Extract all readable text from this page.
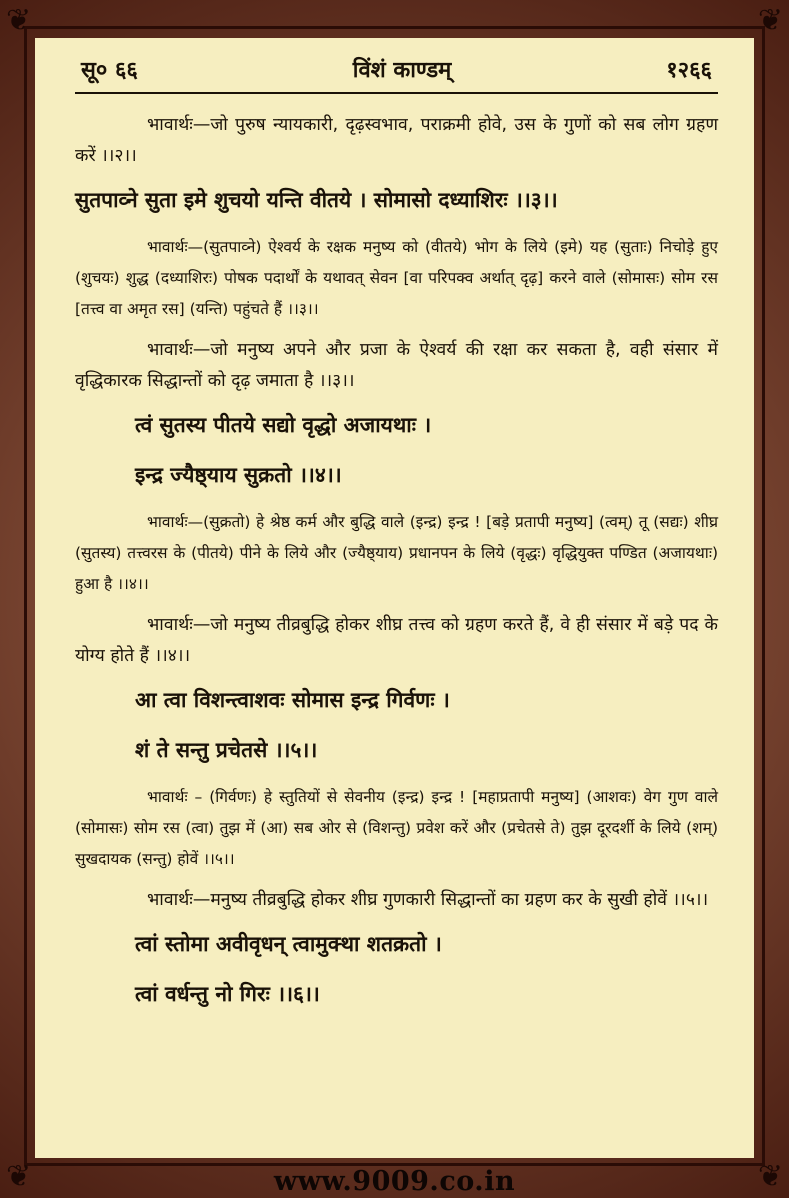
❦	❦
❦	❦
सू० ६६	विंशं काण्डम्	१२६६
भावार्थः—जो पुरुष न्यायकारी, दृढ़स्वभाव, पराक्रमी होवे, उस के गुणों को सब लोग ग्रहण करें ।।२।।
सुतपाव्ने सुता इमे शुचयो यन्ति वीतये । सोमासो दध्याशिरः ।।३।।
भावार्थः—(सुतपाव्ने) ऐश्वर्य के रक्षक मनुष्य को (वीतये) भोग के लिये (इमे) यह (सुताः) निचोड़े हुए (शुचयः) शुद्ध (दध्याशिरः) पोषक पदार्थों के यथावत् सेवन [वा परिपक्व अर्थात् दृढ़] करने वाले (सोमासः) सोम रस [तत्त्व वा अमृत रस] (यन्ति) पहुंचते हैं ।।३।।
भावार्थः—जो मनुष्य अपने और प्रजा के ऐश्वर्य की रक्षा कर सकता है, वही संसार में वृद्धिकारक सिद्धान्तों को दृढ़ जमाता है ।।३।।
त्वं सुतस्य पीतये सद्यो वृद्धो अजायथाः ।
इन्द्र ज्यैष्ठ्याय सुक्रतो ।।४।।
भावार्थः—(सुक्रतो) हे श्रेष्ठ कर्म और बुद्धि वाले (इन्द्र) इन्द्र ! [बड़े प्रतापी मनुष्य] (त्वम्) तू (सद्यः) शीघ्र (सुतस्य) तत्त्वरस के (पीतये) पीने के लिये और (ज्यैष्ठ्याय) प्रधानपन के लिये (वृद्धः) वृद्धियुक्त पण्डित (अजायथाः) हुआ है ।।४।।
भावार्थः—जो मनुष्य तीव्रबुद्धि होकर शीघ्र तत्त्व को ग्रहण करते हैं, वे ही संसार में बड़े पद के योग्य होते हैं ।।४।।
आ त्वा विशन्त्वाशवः सोमास इन्द्र गिर्वणः ।
शं ते सन्तु प्रचेतसे ।।५।।
भावार्थः – (गिर्वणः) हे स्तुतियों से सेवनीय (इन्द्र) इन्द्र ! [महाप्रतापी मनुष्य] (आशवः) वेग गुण वाले (सोमासः) सोम रस (त्वा) तुझ में (आ) सब ओर से (विशन्तु) प्रवेश करें और (प्रचेतसे ते) तुझ दूरदर्शी के लिये (शम्) सुखदायक (सन्तु) होवें ।।५।।
भावार्थः—मनुष्य तीव्रबुद्धि होकर शीघ्र गुणकारी सिद्धान्तों का ग्रहण कर के सुखी होवें ।।५।।
त्वां स्तोमा अवीवृधन् त्वामुक्था शतक्रतो ।
त्वां वर्धन्तु नो गिरः ।।६।।
www.9009.co.in
